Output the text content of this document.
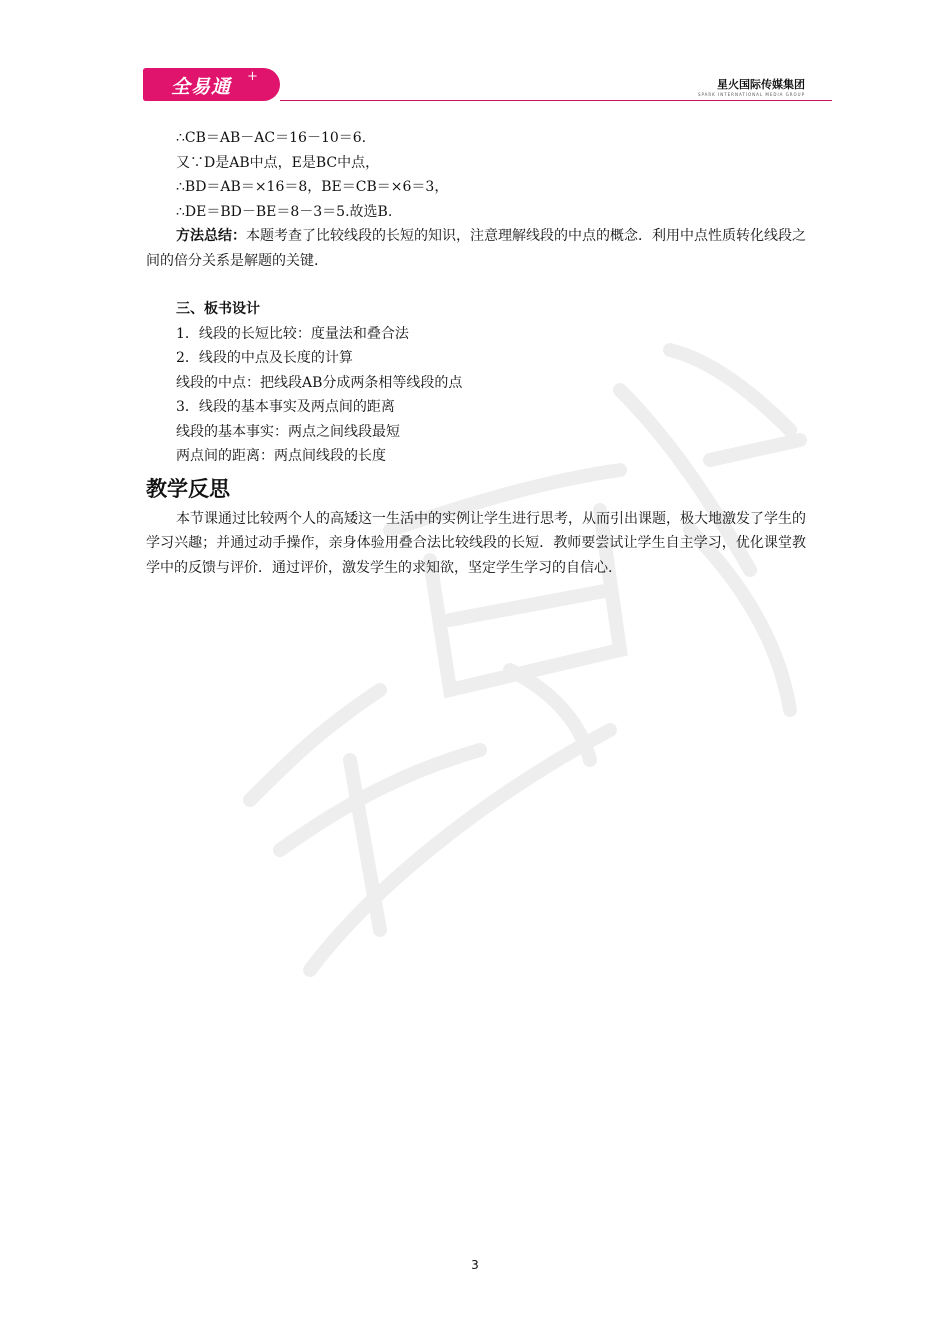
全易通 +
星火国际传媒集团
SPARK INTERNATIONAL MEDIA GROUP
∴CB＝AB－AC＝16－10＝6.
又∵D是AB中点，E是BC中点，
∴BD＝AB＝×16＝8，BE＝CB＝×6＝3，
∴DE＝BD－BE＝8－3＝5.故选B.
方法总结：本题考查了比较线段的长短的知识，注意理解线段的中点的概念．利用中点性质转化线段之间的倍分关系是解题的关键.
三、板书设计
1．线段的长短比较：度量法和叠合法
2．线段的中点及长度的计算
线段的中点：把线段AB分成两条相等线段的点
3．线段的基本事实及两点间的距离
线段的基本事实：两点之间线段最短
两点间的距离：两点间线段的长度
教学反思
本节课通过比较两个人的高矮这一生活中的实例让学生进行思考，从而引出课题，极大地激发了学生的学习兴趣；并通过动手操作，亲身体验用叠合法比较线段的长短．教师要尝试让学生自主学习，优化课堂教学中的反馈与评价．通过评价，激发学生的求知欲，坚定学生学习的自信心.
3
